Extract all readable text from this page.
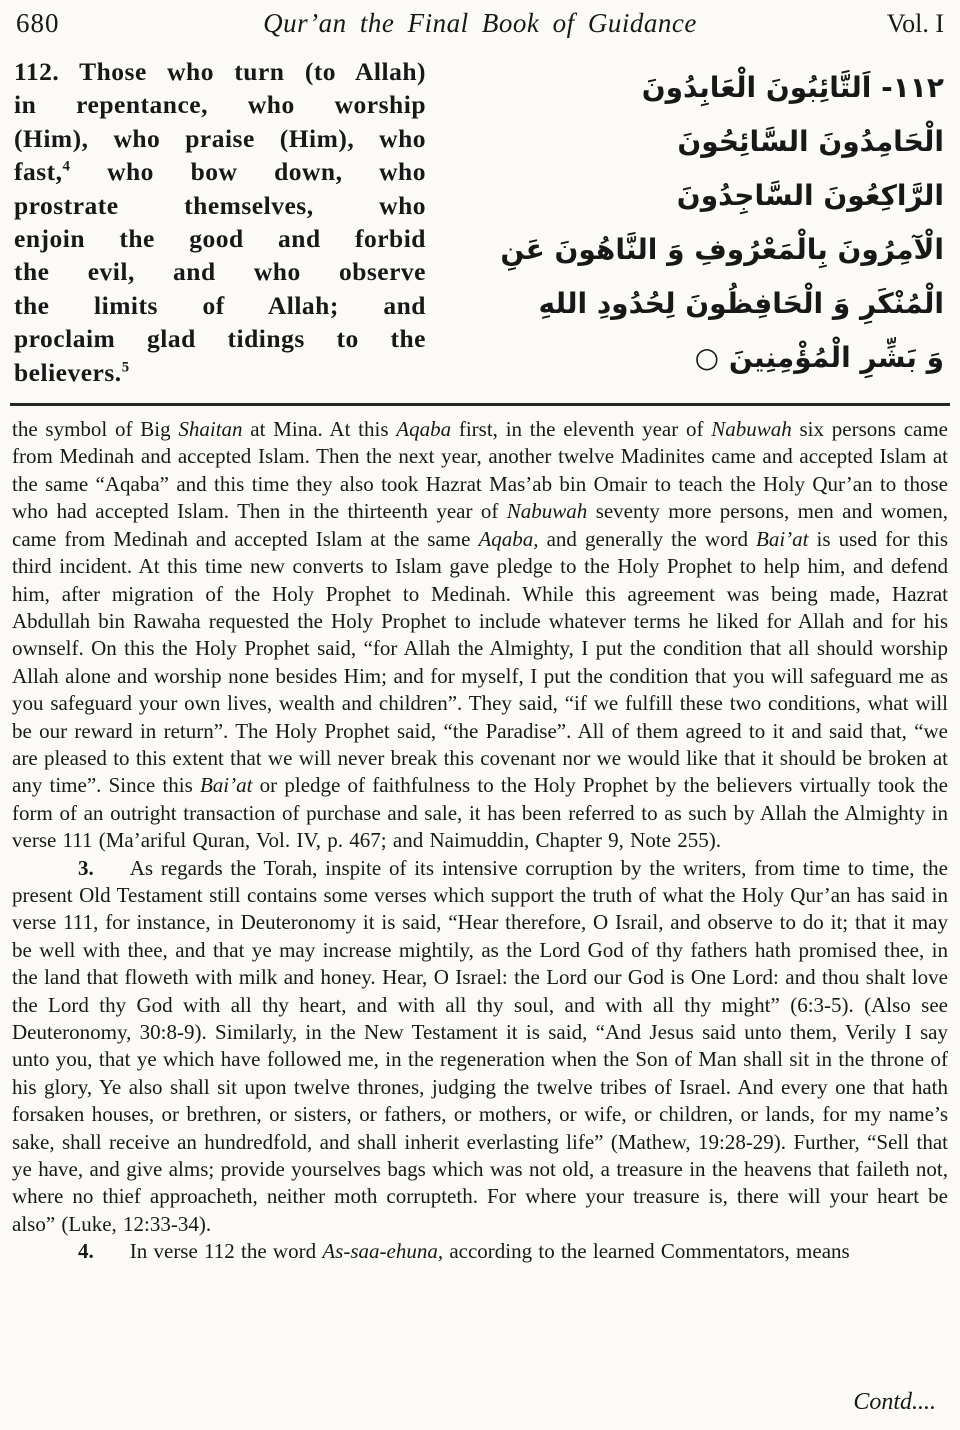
680	Qur’an the Final Book of Guidance	Vol. I
112. Those who turn (to Allah)
in repentance, who worship
(Him), who praise (Him), who
fast,$^4$ who bow down, who
prostrate themselves, who
enjoin the good and forbid
the evil, and who observe
the limits of Allah; and
proclaim glad tidings to the
believers.$^5$
١١٢- اَلتَّائِبُونَ الْعَابِدُونَ
الْحَامِدُونَ السَّائِحُونَ
الرَّاكِعُونَ السَّاجِدُونَ
الْآمِرُونَ بِالْمَعْرُوفِ وَ النَّاهُونَ عَنِ
الْمُنْكَرِ وَ الْحَافِظُونَ لِحُدُودِ اللهِ
وَ بَشِّرِ الْمُؤْمِنِينَ ○

the symbol of Big Shaitan at Mina. At this Aqaba first, in the eleventh year of Nabuwah six persons came from Medinah and accepted Islam. Then the next year, another twelve Madinites came and accepted Islam at the same “Aqaba” and this time they also took Hazrat Mas’ab bin Omair to teach the Holy Qur’an to those who had accepted Islam. Then in the thirteenth year of Nabuwah seventy more persons, men and women, came from Medinah and accepted Islam at the same Aqaba, and generally the word Bai’at is used for this third incident. At this time new converts to Islam gave pledge to the Holy Prophet to help him, and defend him, after migration of the Holy Prophet to Medinah. While this agreement was being made, Hazrat Abdullah bin Rawaha requested the Holy Prophet to include whatever terms he liked for Allah and for his ownself. On this the Holy Prophet said, “for Allah the Almighty, I put the condition that all should worship Allah alone and worship none besides Him; and for myself, I put the condition that you will safeguard me as you safeguard your own lives, wealth and children”. They said, “if we fulfill these two conditions, what will be our reward in return”. The Holy Prophet said, “the Paradise”. All of them agreed to it and said that, “we are pleased to this extent that we will never break this covenant nor we would like that it should be broken at any time”. Since this Bai’at or pledge of faithfulness to the Holy Prophet by the believers virtually took the form of an outright transaction of purchase and sale, it has been referred to as such by Allah the Almighty in verse 111 (Ma’ariful Quran, Vol. IV, p. 467; and Naimuddin, Chapter 9, Note 255).

3. As regards the Torah, inspite of its intensive corruption by the writers, from time to time, the present Old Testament still contains some verses which support the truth of what the Holy Qur’an has said in verse 111, for instance, in Deuteronomy it is said, “Hear therefore, O Israil, and observe to do it; that it may be well with thee, and that ye may increase mightily, as the Lord God of thy fathers hath promised thee, in the land that floweth with milk and honey. Hear, O Israel: the Lord our God is One Lord: and thou shalt love the Lord thy God with all thy heart, and with all thy soul, and with all thy might” (6:3-5). (Also see Deuteronomy, 30:8-9). Similarly, in the New Testament it is said, “And Jesus said unto them, Verily I say unto you, that ye which have followed me, in the regeneration when the Son of Man shall sit in the throne of his glory, Ye also shall sit upon twelve thrones, judging the twelve tribes of Israel. And every one that hath forsaken houses, or brethren, or sisters, or fathers, or mothers, or wife, or children, or lands, for my name’s sake, shall receive an hundredfold, and shall inherit everlasting life” (Mathew, 19:28-29). Further, “Sell that ye have, and give alms; provide yourselves bags which was not old, a treasure in the heavens that faileth not, where no thief approacheth, neither moth corrupteth. For where your treasure is, there will your heart be also” (Luke, 12:33-34).

4. In verse 112 the word As-saa-ehuna, according to the learned Commentators, means

Contd....
